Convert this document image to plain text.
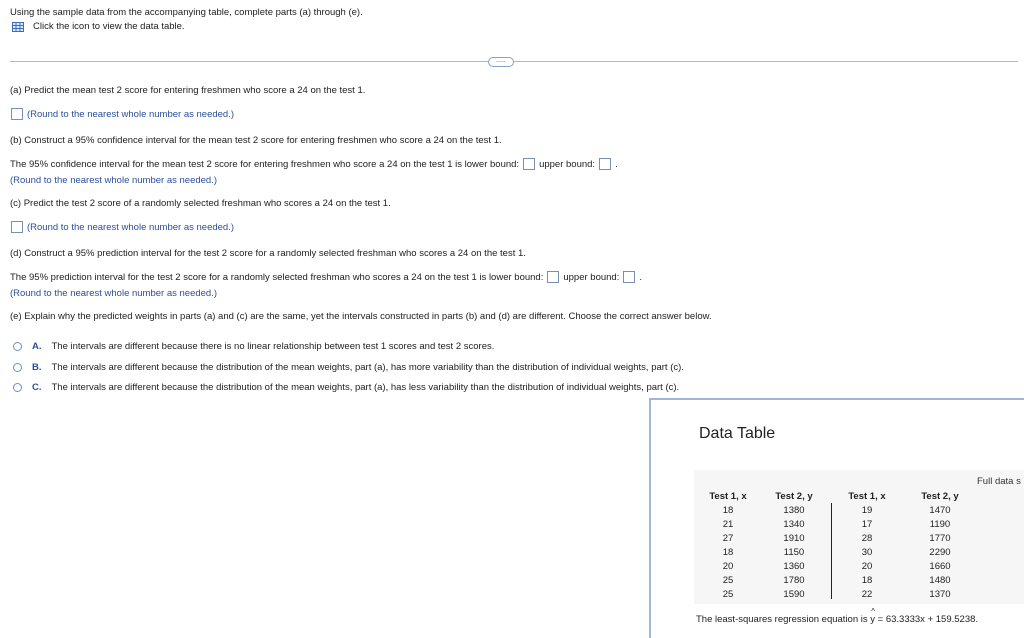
Using the sample data from the accompanying table, complete parts (a) through (e).
Click the icon to view the data table.
.....
(a) Predict the mean test 2 score for entering freshmen who score a 24 on the test 1.
(Round to the nearest whole number as needed.)
(b) Construct a 95% confidence interval for the mean test 2 score for entering freshmen who score a 24 on the test 1.
The 95% confidence interval for the mean test 2 score for entering freshmen who score a 24 on the test 1 is lower bound: upper bound: .
(Round to the nearest whole number as needed.)
(c) Predict the test 2 score of a randomly selected freshman who scores a 24 on the test 1.
(Round to the nearest whole number as needed.)
(d) Construct a 95% prediction interval for the test 2 score for a randomly selected freshman who scores a 24 on the test 1.
The 95% prediction interval for the test 2 score for a randomly selected freshman who scores a 24 on the test 1 is lower bound: upper bound: .
(Round to the nearest whole number as needed.)
(e) Explain why the predicted weights in parts (a) and (c) are the same, yet the intervals constructed in parts (b) and (d) are different. Choose the correct answer below.
A. The intervals are different because there is no linear relationship between test 1 scores and test 2 scores.
B. The intervals are different because the distribution of the mean weights, part (a), has more variability than the distribution of individual weights, part (c).
C. The intervals are different because the distribution of the mean weights, part (a), has less variability than the distribution of individual weights, part (c).
Data Table
Full data s
Test 1, x
18
21
27
18
20
25
25
Test 2, y
1380
1340
1910
1150
1360
1780
1590
Test 1, x
19
17
28
30
20
18
22
Test 2, y
1470
1190
1770
2290
1660
1480
1370
The least-squares regression equation is
^
y = 63.3333x + 159.5238.
